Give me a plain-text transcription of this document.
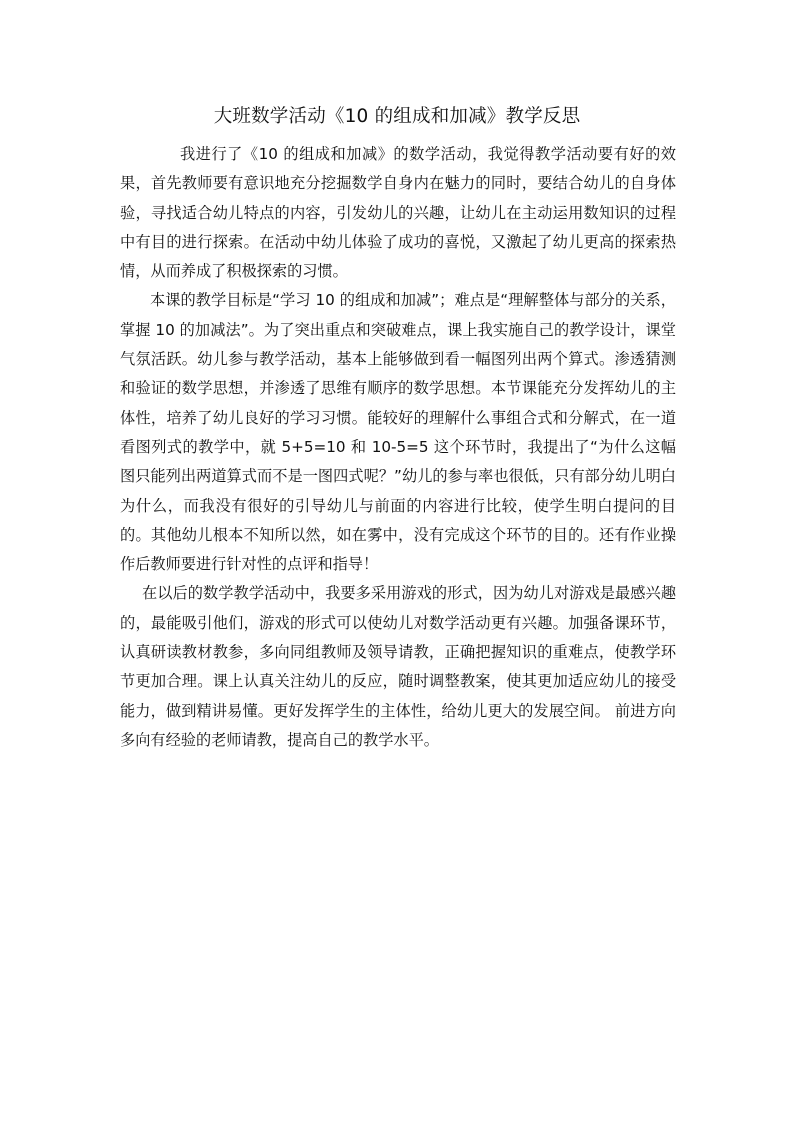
大班数学活动《10 的组成和加减》教学反思

我进行了《10 的组成和加减》的数学活动，我觉得教学活动要有好的效果，首先教师要有意识地充分挖掘数学自身内在魅力的同时，要结合幼儿的自身体验，寻找适合幼儿特点的内容，引发幼儿的兴趣，让幼儿在主动运用数知识的过程中有目的进行探索。在活动中幼儿体验了成功的喜悦，又激起了幼儿更高的探索热情，从而养成了积极探索的习惯。

本课的教学目标是“学习 10 的组成和加减”；难点是“理解整体与部分的关系，掌握 10 的加减法”。为了突出重点和突破难点，课上我实施自己的教学设计，课堂气氛活跃。幼儿参与教学活动，基本上能够做到看一幅图列出两个算式。渗透猜测和验证的数学思想，并渗透了思维有顺序的数学思想。本节课能充分发挥幼儿的主体性，培养了幼儿良好的学习习惯。能较好的理解什么事组合式和分解式，在一道看图列式的教学中，就 5+5=10 和 10-5=5 这个环节时，我提出了“为什么这幅图只能列出两道算式而不是一图四式呢？”幼儿的参与率也很低，只有部分幼儿明白为什么，而我没有很好的引导幼儿与前面的内容进行比较，使学生明白提问的目的。其他幼儿根本不知所以然，如在雾中，没有完成这个环节的目的。还有作业操作后教师要进行针对性的点评和指导！

在以后的数学教学活动中，我要多采用游戏的形式，因为幼儿对游戏是最感兴趣的，最能吸引他们，游戏的形式可以使幼儿对数学活动更有兴趣。加强备课环节，认真研读教材教参，多向同组教师及领导请教，正确把握知识的重难点，使教学环节更加合理。课上认真关注幼儿的反应，随时调整教案，使其更加适应幼儿的接受能力，做到精讲易懂。更好发挥学生的主体性，给幼儿更大的发展空间。 前进方向多向有经验的老师请教，提高自己的教学水平。
